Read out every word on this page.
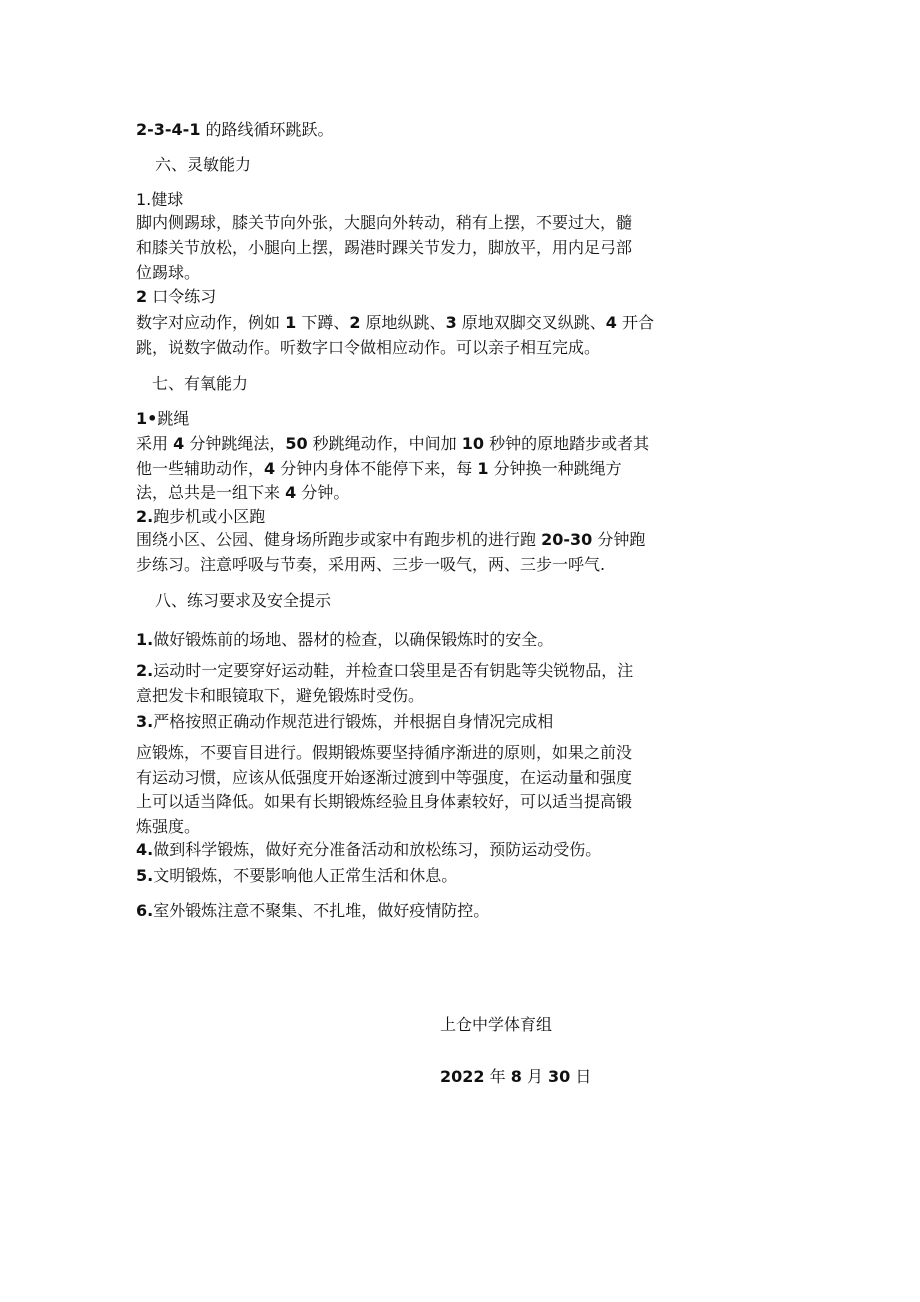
2-3-4-1 的路线循环跳跃。
六、灵敏能力
1.健球
脚内侧踢球，膝关节向外张，大腿向外转动，稍有上摆，不要过大，髓
和膝关节放松，小腿向上摆，踢港时踝关节发力，脚放平，用内足弓部
位踢球。
2 口令练习
数字对应动作，例如 1 下蹲、2 原地纵跳、3 原地双脚交叉纵跳、4 开合
跳，说数字做动作。听数字口令做相应动作。可以亲子相互完成。
七、有氧能力
1•跳绳
采用 4 分钟跳绳法，50 秒跳绳动作，中间加 10 秒钟的原地踏步或者其
他一些辅助动作，4 分钟内身体不能停下来，每 1 分钟换一种跳绳方
法，总共是一组下来 4 分钟。
2.跑步机或小区跑
围绕小区、公园、健身场所跑步或家中有跑步机的进行跑 20-30 分钟跑
步练习。注意呼吸与节奏，采用两、三步一吸气，两、三步一呼气.
八、练习要求及安全提示
1.做好锻炼前的场地、器材的检查，以确保锻炼时的安全。
2.运动时一定要穿好运动鞋，并检查口袋里是否有钥匙等尖锐物品，注
意把发卡和眼镜取下，避免锻炼时受伤。
3.严格按照正确动作规范进行锻炼，并根据自身情况完成相
应锻炼，不要盲目进行。假期锻炼要坚持循序渐进的原则，如果之前没
有运动习惯，应该从低强度开始逐渐过渡到中等强度，在运动量和强度
上可以适当降低。如果有长期锻炼经验且身体素较好，可以适当提高锻
炼强度。
4.做到科学锻炼，做好充分准备活动和放松练习，预防运动受伤。
5.文明锻炼，不要影响他人正常生活和休息。
6.室外锻炼注意不聚集、不扎堆，做好疫情防控。
上仓中学体育组
2022 年 8 月 30 日
